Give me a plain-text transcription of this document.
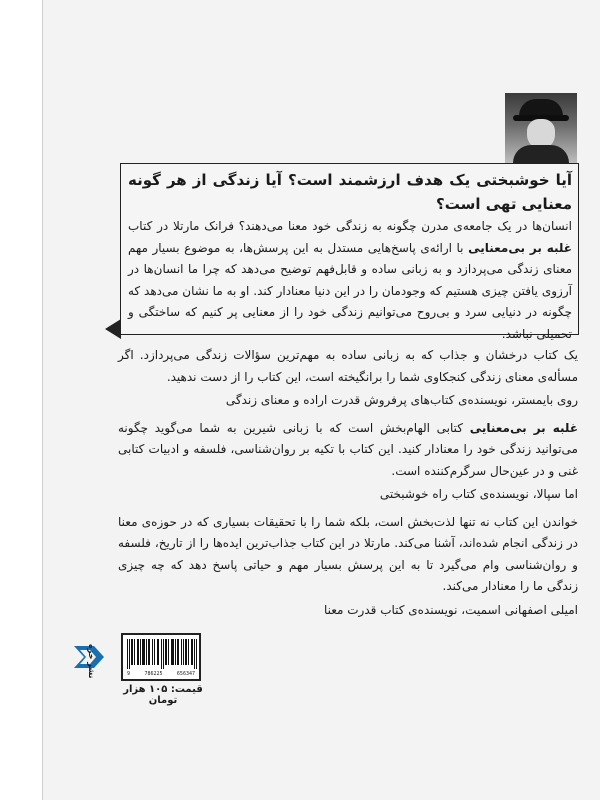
آیا خوشبختی یک هدف ارزشمند است؟ آیا زندگی از هر گونه معنایی تهی است؟
انسان‌ها در یک جامعه‌ی مدرن چگونه به زندگی خود معنا می‌دهند؟ فرانک مارتلا در کتاب غلبه بر بی‌معنایی با ارائه‌ی پاسخ‌هایی مستدل به این پرسش‌ها، به موضوع بسیار مهم معنای زندگی می‌پردازد و به زبانی ساده و قابل‌فهم توضیح می‌دهد که چرا ما انسان‌ها در آرزوی یافتن چیزی هستیم که وجودمان را در این دنیا معنادار کند. او به ما نشان می‌دهد که چگونه در دنیایی سرد و بی‌روح می‌توانیم زندگی خود را از معنایی پر کنیم که ساختگی و تحمیلی نباشد.

یک کتاب درخشان و جذاب که به زبانی ساده به مهم‌ترین سؤالات زندگی می‌پردازد. اگر مسأله‌ی معنای زندگی کنجکاوی شما را برانگیخته است، این کتاب را از دست ندهید.

روی بایمستر، نویسنده‌ی کتاب‌های پرفروش قدرت اراده و معنای زندگی

غلبه بر بی‌معنایی کتابی الهام‌بخش است که با زبانی شیرین به شما می‌گوید چگونه می‌توانید زندگی خود را معنادار کنید. این کتاب با تکیه بر روان‌شناسی، فلسفه و ادبیات کتابی غنی و در عین‌حال سرگرم‌کننده است.

اما سپالا، نویسنده‌ی کتاب راه خوشبختی

خواندن این کتاب نه تنها لذت‌بخش است، بلکه شما را با تحقیقات بسیاری که در حوزه‌ی معنا در زندگی انجام شده‌اند، آشنا می‌کند. مارتلا در این کتاب جذاب‌ترین ایده‌ها را از تاریخ، فلسفه و روان‌شناسی وام می‌گیرد تا به این پرسش بسیار مهم و حیاتی پاسخ دهد که چه چیزی زندگی ما را معنادار می‌کند.

امیلی اصفهانی اسمیت، نویسنده‌ی کتاب قدرت معنا

9	786225	656347
قیمت: ۱۰۵ هزار تومان
نشر خزه
